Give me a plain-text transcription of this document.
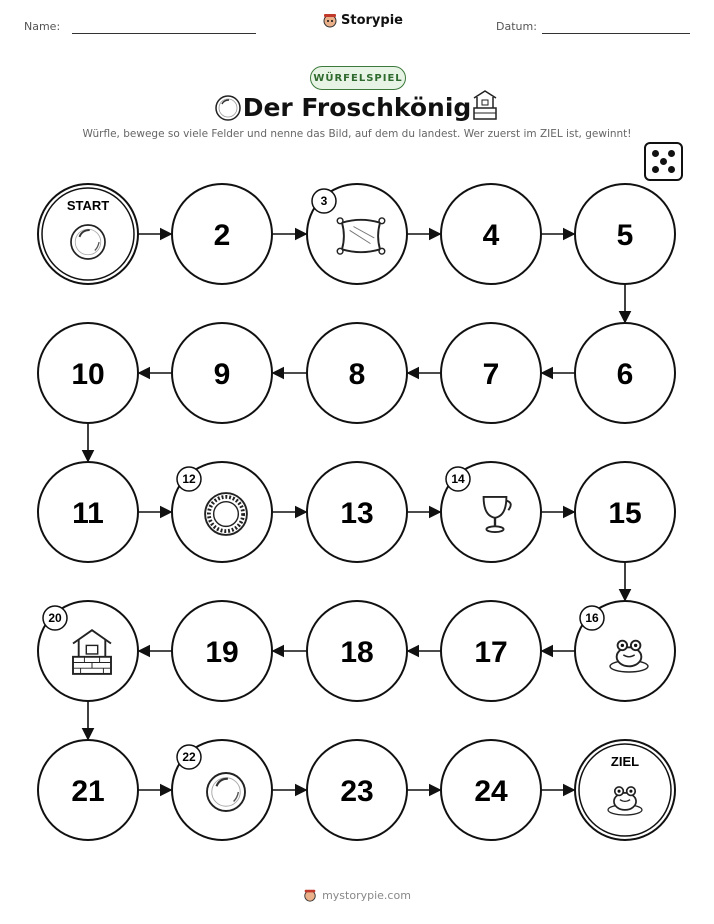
Name:	Storypie	Datum:
WÜRFELSPIEL
Der Froschkönig
Würfle, bewege so viele Felder und nenne das Bild, auf dem du landest. Wer zuerst im ZIEL ist, gewinnt!
START
2
3
4	5
6
7
8
9
10
11
12
13
14
15
16
17
18
19
20
21
22
23	24
ZIEL
mystorypie.com
